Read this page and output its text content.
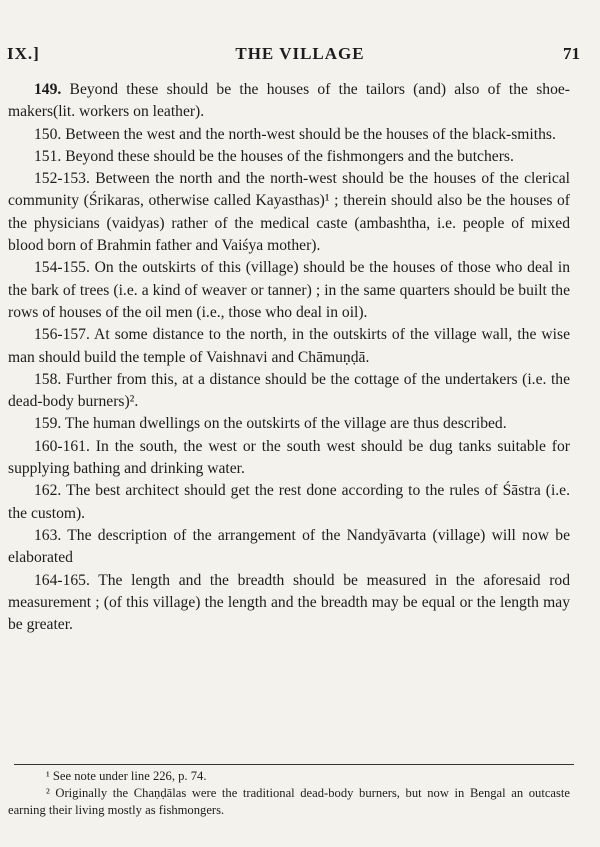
IX.]	THE VILLAGE	71

149. Beyond these should be the houses of the tailors (and) also of the shoe-makers(lit. workers on leather).

150. Between the west and the north-west should be the houses of the black-smiths.

151. Beyond these should be the houses of the fishmongers and the butchers.

152-153. Between the north and the north-west should be the houses of the clerical community (Śrikaras, otherwise called Kayasthas)¹ ; therein should also be the houses of the physicians (vaidyas) rather of the medical caste (ambashtha, i.e. people of mixed blood born of Brahmin father and Vaiśya mother).

154-155. On the outskirts of this (village) should be the houses of those who deal in the bark of trees (i.e. a kind of weaver or tanner) ; in the same quarters should be built the rows of houses of the oil men (i.e., those who deal in oil).

156-157. At some distance to the north, in the outskirts of the village wall, the wise man should build the temple of Vaishnavi and Chāmuṇḍā.

158. Further from this, at a distance should be the cottage of the undertakers (i.e. the dead-body burners)².

159. The human dwellings on the outskirts of the village are thus described.

160-161. In the south, the west or the south west should be dug tanks suitable for supplying bathing and drinking water.

162. The best architect should get the rest done according to the rules of Śāstra (i.e. the custom).

163. The description of the arrangement of the Nandyāvarta (village) will now be elaborated

164-165. The length and the breadth should be measured in the aforesaid rod measurement ; (of this village) the length and the breadth may be equal or the length may be greater.

¹ See note under line 226, p. 74.

² Originally the Chaṇḍālas were the traditional dead-body burners, but now in Bengal an outcaste earning their living mostly as fishmongers.
